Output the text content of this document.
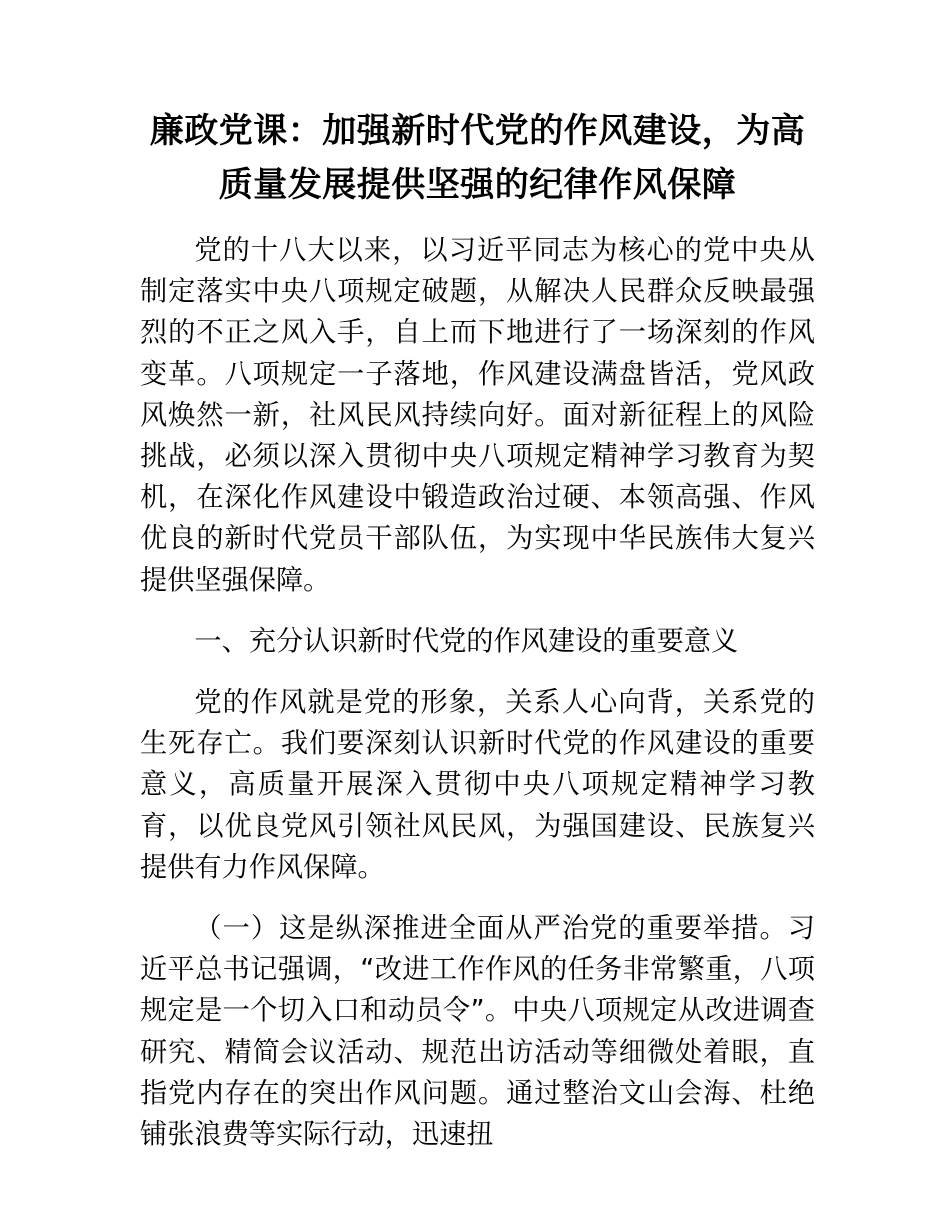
廉政党课：加强新时代党的作风建设，为高质量发展提供坚强的纪律作风保障

党的十八大以来，以习近平同志为核心的党中央从制定落实中央八项规定破题，从解决人民群众反映最强烈的不正之风入手，自上而下地进行了一场深刻的作风变革。八项规定一子落地，作风建设满盘皆活，党风政风焕然一新，社风民风持续向好。面对新征程上的风险挑战，必须以深入贯彻中央八项规定精神学习教育为契机，在深化作风建设中锻造政治过硬、本领高强、作风优良的新时代党员干部队伍，为实现中华民族伟大复兴提供坚强保障。

一、充分认识新时代党的作风建设的重要意义

党的作风就是党的形象，关系人心向背，关系党的生死存亡。我们要深刻认识新时代党的作风建设的重要意义，高质量开展深入贯彻中央八项规定精神学习教育，以优良党风引领社风民风，为强国建设、民族复兴提供有力作风保障。

（一）这是纵深推进全面从严治党的重要举措。习近平总书记强调，“改进工作作风的任务非常繁重，八项规定是一个切入口和动员令”。中央八项规定从改进调查研究、精简会议活动、规范出访活动等细微处着眼，直指党内存在的突出作风问题。通过整治文山会海、杜绝铺张浪费等实际行动，迅速扭
